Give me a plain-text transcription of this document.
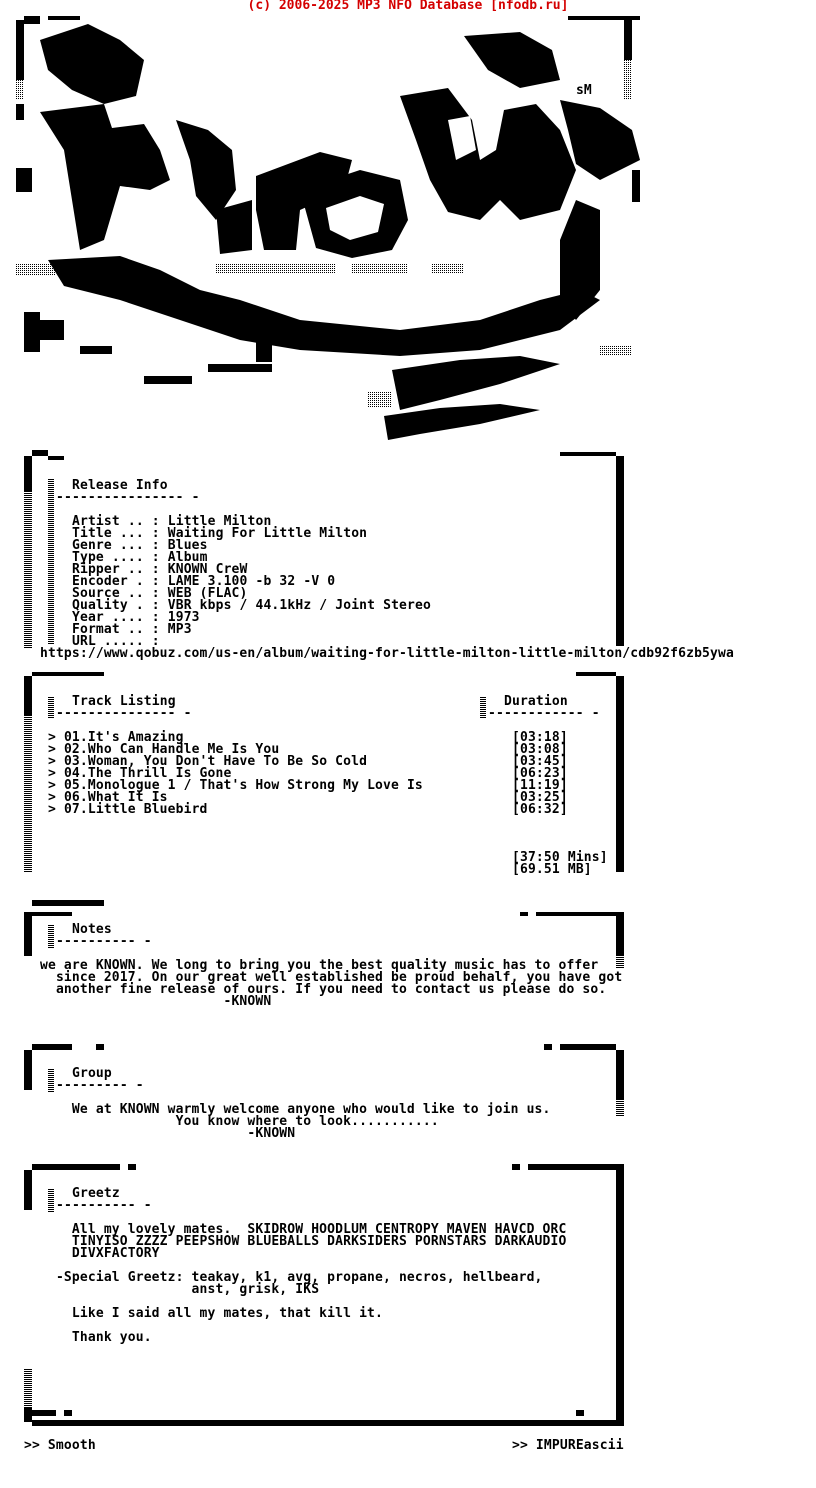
(c) 2006-2025 MP3 NFO Database [nfodb.ru]
sM
Release Info
---------------- -
Artist .. : Little Milton
Title ... : Waiting For Little Milton
Genre ... : Blues
Type .... : Album
Ripper .. : KNOWN CreW
Encoder . : LAME 3.100 -b 32 -V 0
Source .. : WEB (FLAC)
Quality . : VBR kbps / 44.1kHz / Joint Stereo
Year .... : 1973
Format .. : MP3
URL ..... :
https://www.qobuz.com/us-en/album/waiting-for-little-milton-little-milton/cdb92f6zb5ywa
Track Listing
--------------- -
Duration
------------ -
> 01.It's Amazing	[03:18]
> 02.Who Can Handle Me Is You	[03:08]
> 03.Woman, You Don't Have To Be So Cold	[03:45]
> 04.The Thrill Is Gone	[06:23]
> 05.Monologue 1 / That's How Strong My Love Is	[11:19]
> 06.What It Is	[03:25]
> 07.Little Bluebird	[06:32]
[37:50 Mins]
[69.51 MB]
Notes
---------- -
we are KNOWN. We long to bring you the best quality music has to offer
since 2017. On our great well established be proud behalf, you have got
another fine release of ours. If you need to contact us please do so.
-KNOWN
Group
--------- -
We at KNOWN warmly welcome anyone who would like to join us.
You know where to look...........
-KNOWN
Greetz
---------- -
All my lovely mates.  SKIDROW HOODLUM CENTROPY MAVEN HAVCD ORC
TINYISO ZZZZ PEEPSHOW BLUEBALLS DARKSIDERS PORNSTARS DARKAUDIO
DIVXFACTORY
-Special Greetz: teakay, k1, avg, propane, necros, hellbeard,
anst, grisk, IKS
Like I said all my mates, that kill it.
Thank you.
>> Smooth	>> IMPUREascii
